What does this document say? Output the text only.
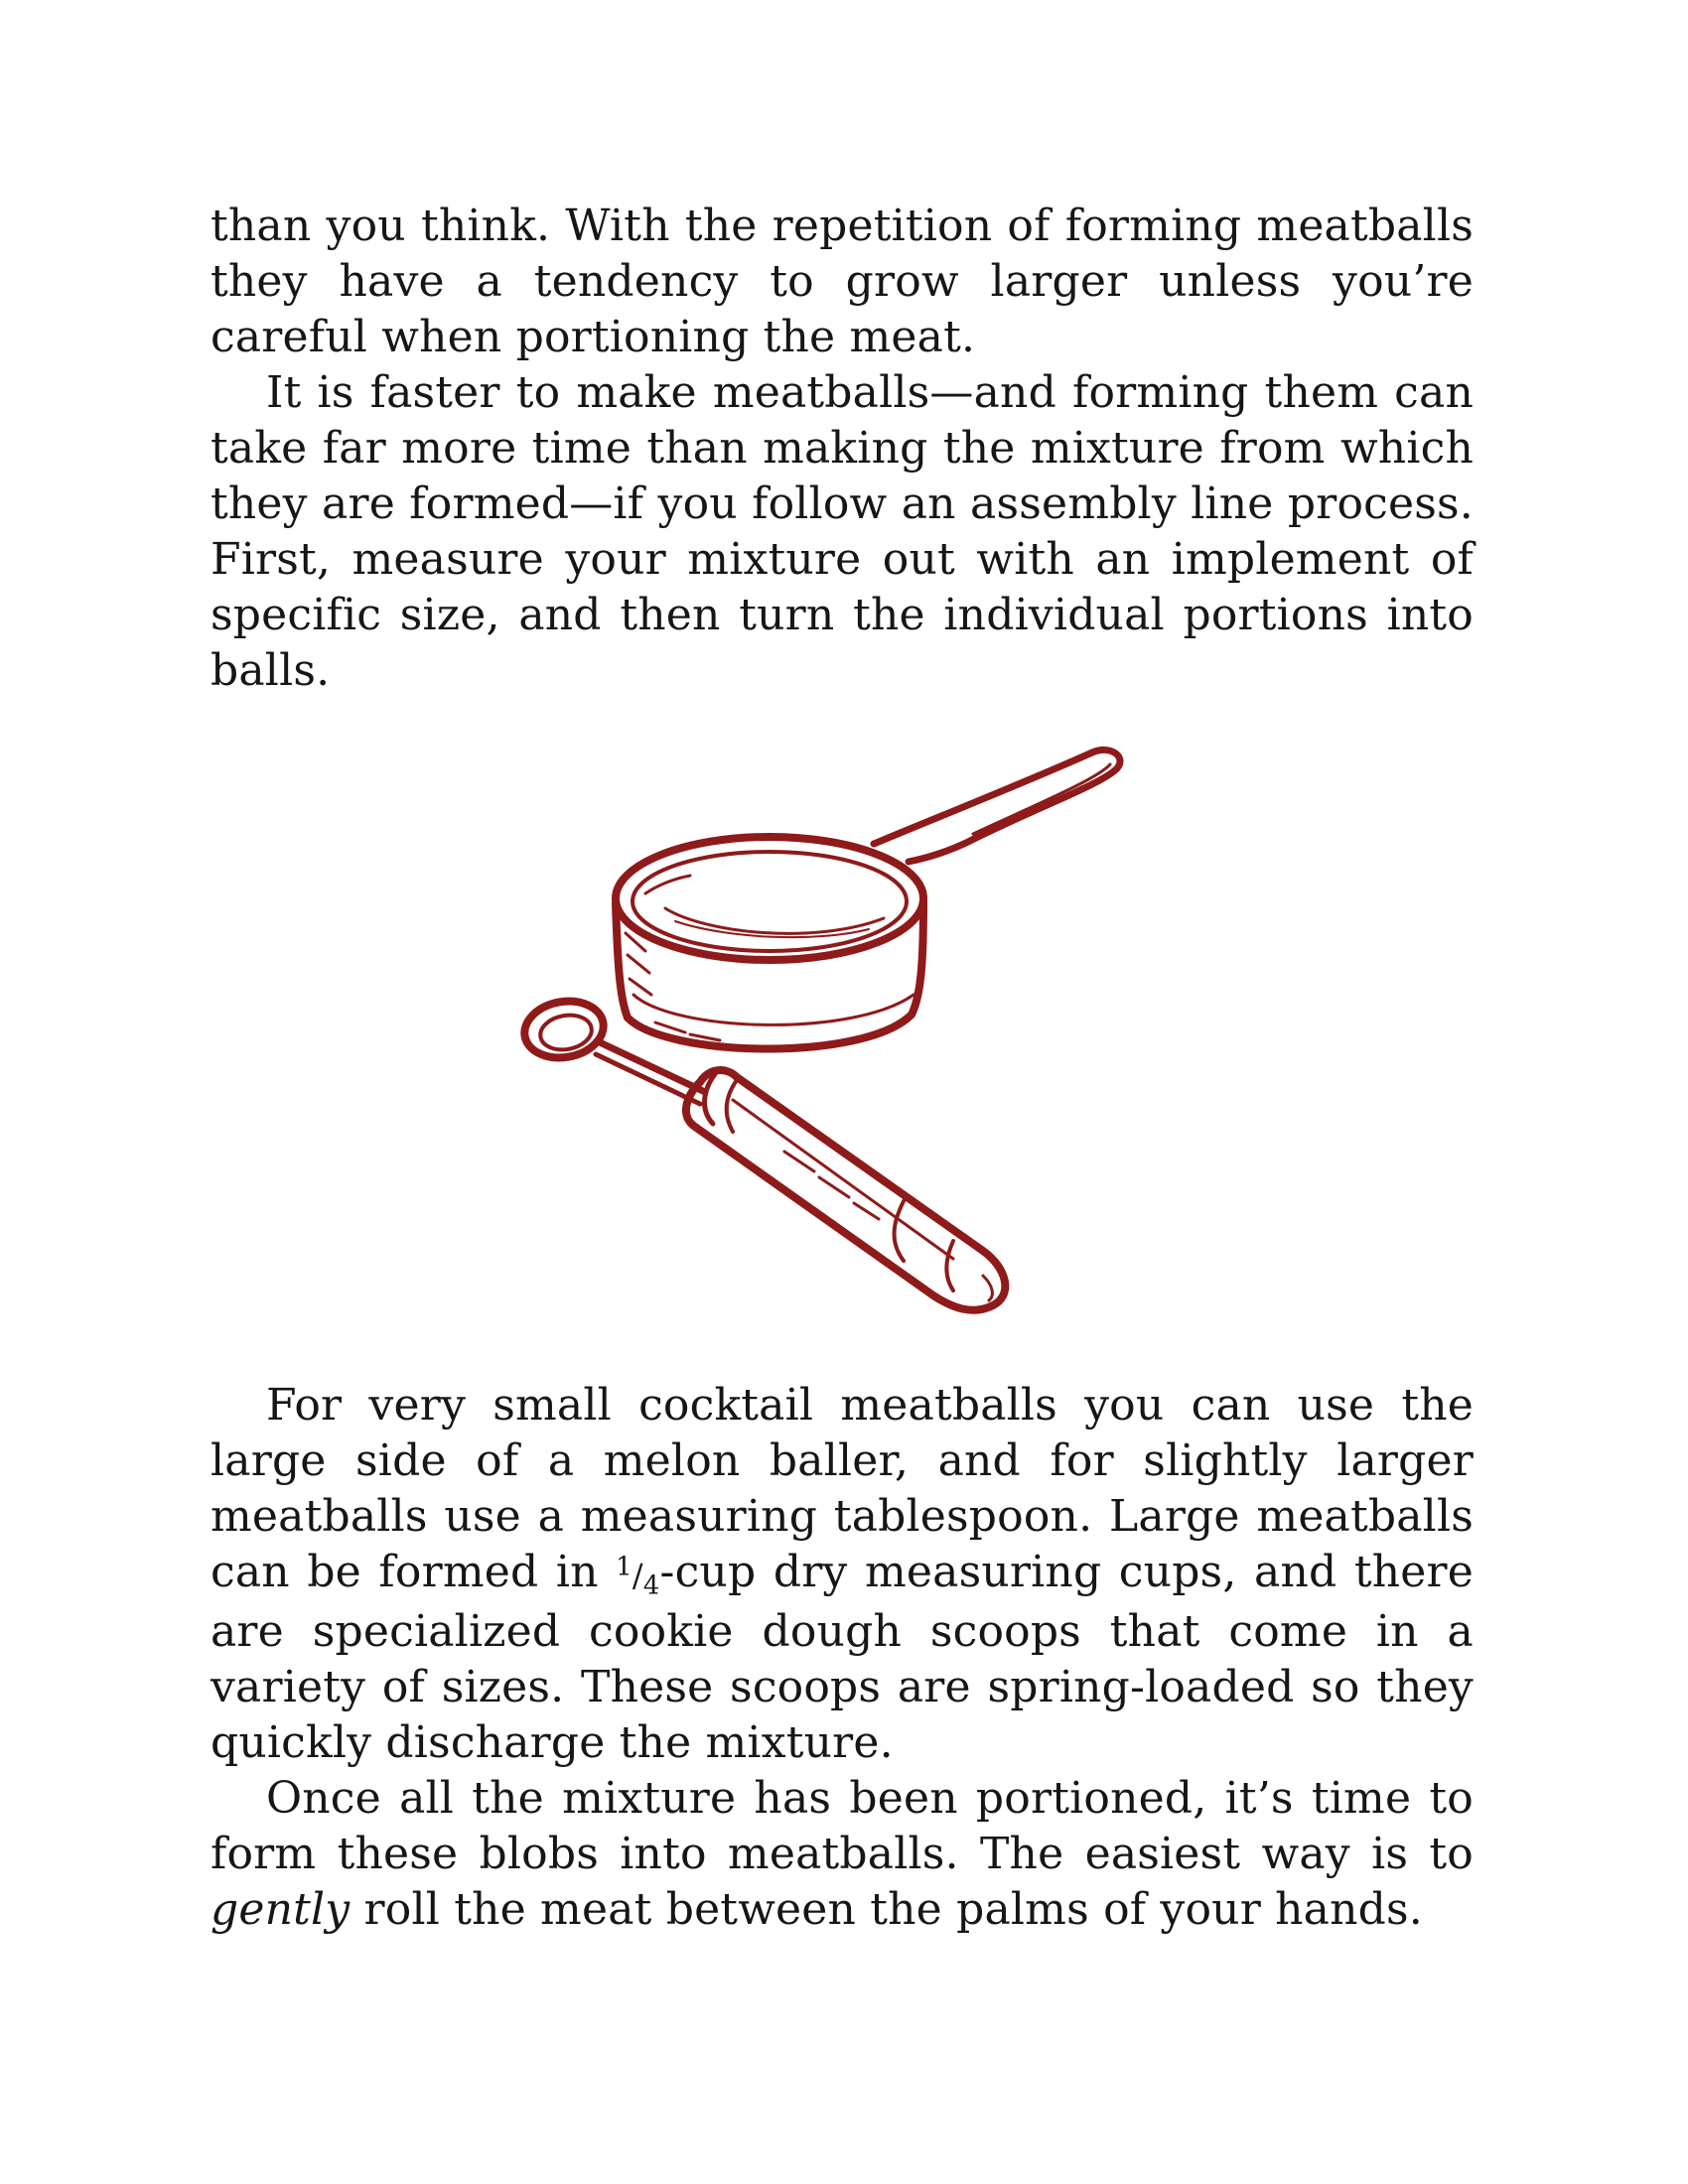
than you think. With the repetition of forming meatballs they have a tendency to grow larger unless you’re careful when portioning the meat.

It is faster to make meatballs—and forming them can take far more time than making the mixture from which they are formed—if you follow an assembly line process. First, measure your mixture out with an implement of specific size, and then turn the individual portions into balls.

For very small cocktail meatballs you can use the large side of a melon baller, and for slightly larger meatballs use a measuring tablespoon. Large meatballs can be formed in $^1/_4$-cup dry measuring cups, and there are specialized cookie dough scoops that come in a variety of sizes. These scoops are spring-loaded so they quickly discharge the mixture.

Once all the mixture has been portioned, it’s time to form these blobs into meatballs. The easiest way is to gently roll the meat between the palms of your hands.
